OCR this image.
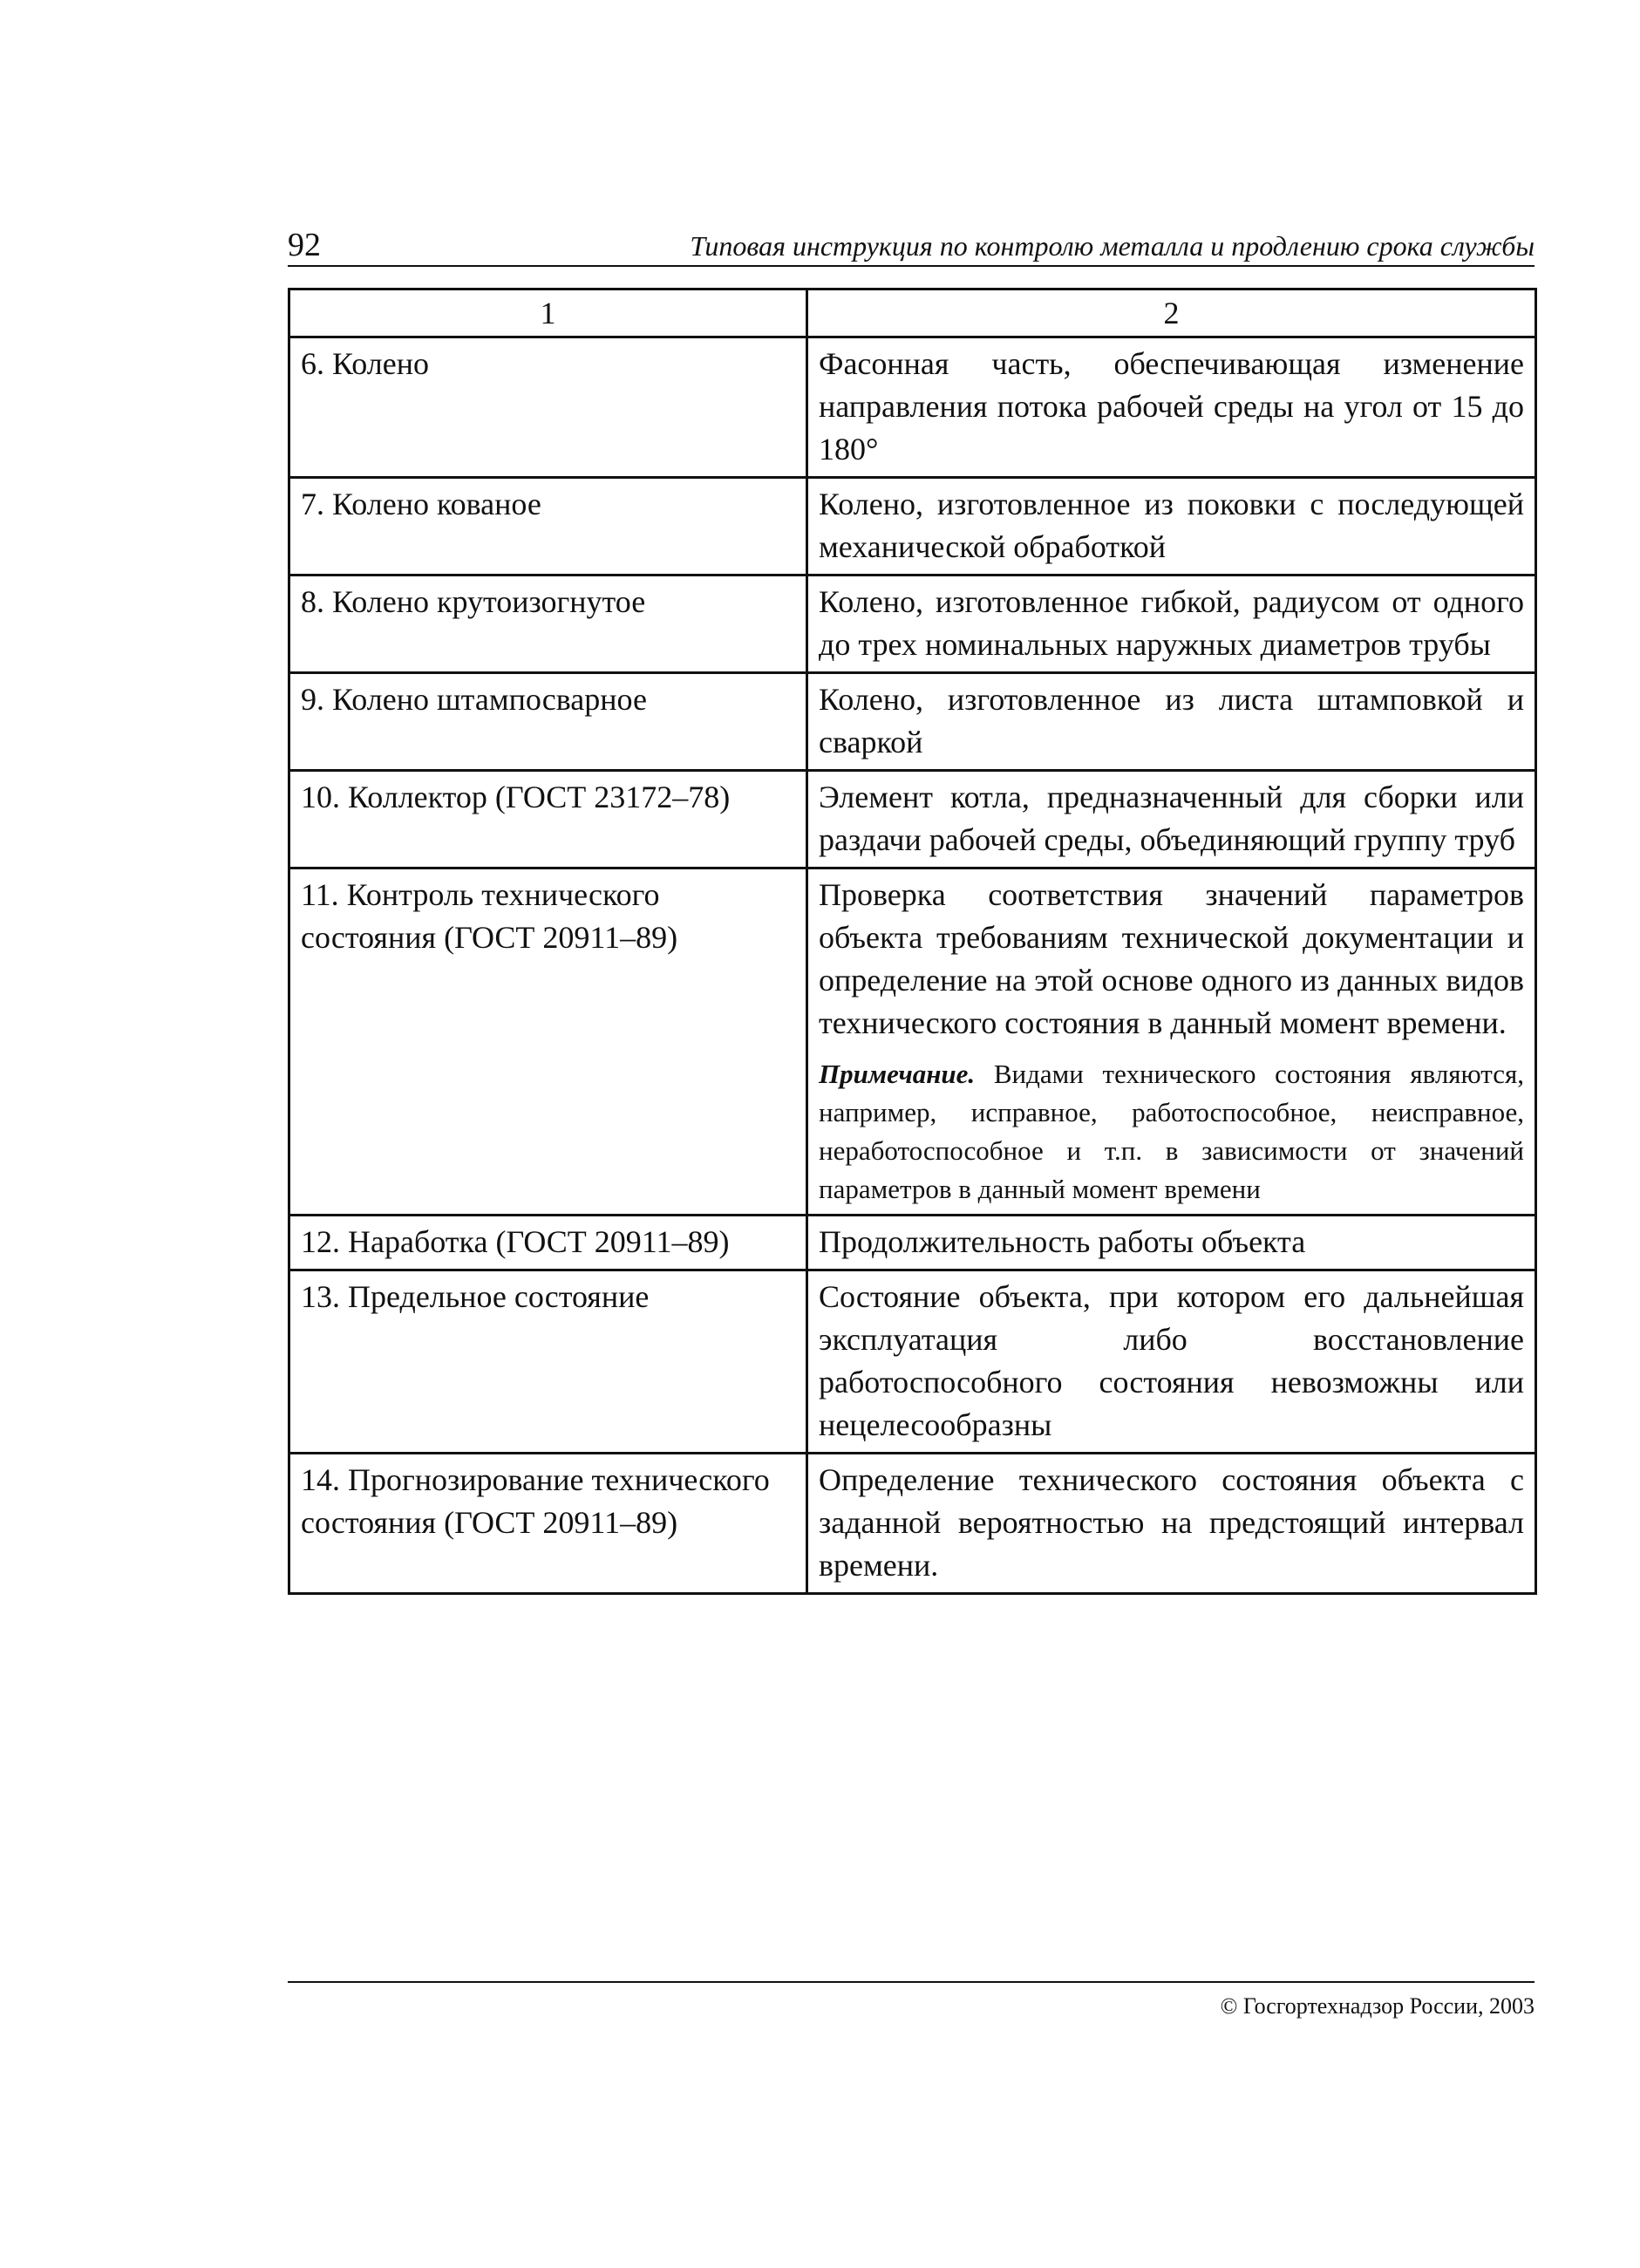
92	Типовая инструкция по контролю металла и продлению срока службы
1	2
6. Колено	Фасонная часть, обеспечивающая изменение направления потока рабочей среды на угол от 15 до 180°

7. Колено кованое	Колено, изготовленное из поковки с последующей механической обработкой

8. Колено крутоизогнутое	Колено, изготовленное гибкой, радиусом от одного до трех номинальных наружных диаметров трубы

9. Колено штампосварное	Колено, изготовленное из листа штамповкой и сваркой

10. Коллектор (ГОСТ 23172–78)	Элемент котла, предназначенный для сборки или раздачи рабочей среды, объединяющий группу труб

11. Контроль технического состояния (ГОСТ 20911–89)	Проверка соответствия значений параметров объекта требованиям технической документации и определение на этой основе одного из данных видов технического состояния в данный момент времени.
Примечание. Видами технического состояния являются, например, исправное, работоспособное, неисправное, неработоспособное и т.п. в зависимости от значений параметров в данный момент времени

12. Наработка (ГОСТ 20911–89)	Продолжительность работы объекта

13. Предельное состояние	Состояние объекта, при котором его дальнейшая эксплуатация либо восстановление работоспособного состояния невозможны или нецелесообразны

14. Прогнозирование технического состояния (ГОСТ 20911–89)	Определение технического состояния объекта с заданной вероятностью на предстоящий интервал времени.
© Госгортехнадзор России, 2003
